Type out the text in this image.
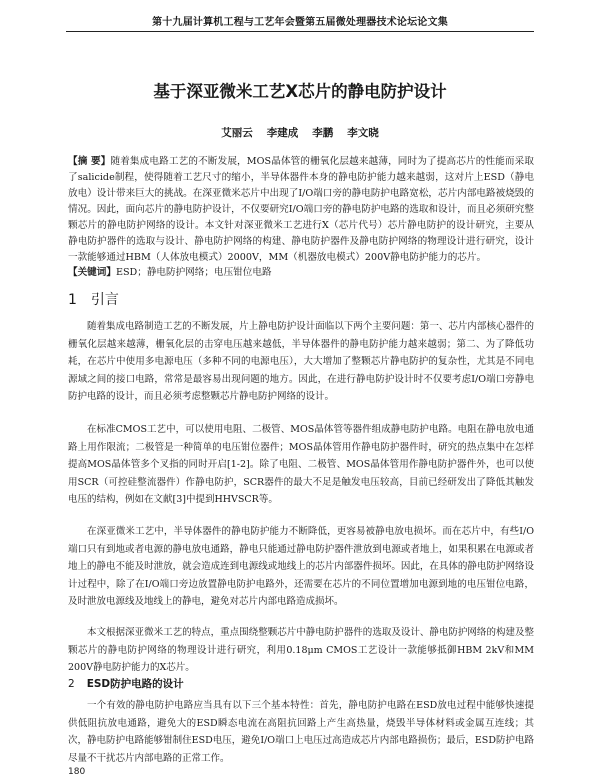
第十九届计算机工程与工艺年会暨第五届微处理器技术论坛论文集
基于深亚微米工艺X芯片的静电防护设计
艾丽云 李建成 李鹏 李文晓
【摘 要】随着集成电路工艺的不断发展，MOS晶体管的栅氧化层越来越薄，同时为了提高芯片的性能而采取了salicide制程，使得随着工艺尺寸的缩小，半导体器件本身的静电防护能力越来越弱，这对片上ESD（静电放电）设计带来巨大的挑战。在深亚微米芯片中出现了I/O端口旁的静电防护电路宽松，芯片内部电路被烧毁的情况。因此，面向芯片的静电防护设计，不仅要研究I/O端口旁的静电防护电路的选取和设计，而且必须研究整颗芯片的静电防护网络的设计。本文针对深亚微米工艺进行X（芯片代号）芯片静电防护的设计研究，主要从静电防护器件的选取与设计、静电防护网络的构建、静电防护器件及静电防护网络的物理设计进行研究，设计一款能够通过HBM（人体放电模式）2000V，MM（机器放电模式）200V静电防护能力的芯片。
【关键词】ESD；静电防护网络；电压钳位电路
1 引言

随着集成电路制造工艺的不断发展，片上静电防护设计面临以下两个主要问题：第一、芯片内部核心器件的栅氧化层越来越薄，栅氧化层的击穿电压越来越低，半导体器件的静电防护能力越来越弱；第二、为了降低功耗，在芯片中使用多电源电压（多种不同的电源电压），大大增加了整颗芯片静电防护的复杂性，尤其是不同电源域之间的接口电路，常常是最容易出现问题的地方。因此，在进行静电防护设计时不仅要考虑I/O端口旁静电防护电路的设计，而且必须考虑整颗芯片静电防护网络的设计。

在标准CMOS工艺中，可以使用电阻、二极管、MOS晶体管等器件组成静电防护电路。电阻在静电放电通路上用作限流；二极管是一种简单的电压钳位器件；MOS晶体管用作静电防护器件时，研究的热点集中在怎样提高MOS晶体管多个叉指的同时开启[1-2]。除了电阻、二极管、MOS晶体管用作静电防护器件外，也可以使用SCR（可控硅整流器件）作静电防护，SCR器件的最大不足是触发电压较高，目前已经研发出了降低其触发电压的结构，例如在文献[3]中提到HHVSCR等。

在深亚微米工艺中，半导体器件的静电防护能力不断降低，更容易被静电放电损坏。而在芯片中，有些I/O端口只有到地或者电源的静电放电通路，静电只能通过静电防护器件泄放到电源或者地上，如果积累在电源或者地上的静电不能及时泄放，就会造成连到电源线或地线上的芯片内部器件损坏。因此，在具体的静电防护网络设计过程中，除了在I/O端口旁边放置静电防护电路外，还需要在芯片的不同位置增加电源到地的电压钳位电路，及时泄放电源线及地线上的静电，避免对芯片内部电路造成损坏。

本文根据深亚微米工艺的特点，重点围绕整颗芯片中静电防护器件的选取及设计、静电防护网络的构建及整颗芯片的静电防护网络的物理设计进行研究，利用0.18μm CMOS工艺设计一款能够抵御HBM 2kV和MM 200V静电防护能力的X芯片。

2 ESD防护电路的设计

一个有效的静电防护电路应当具有以下三个基本特性：首先，静电防护电路在ESD放电过程中能够快速提供低阻抗放电通路，避免大的ESD瞬态电流在高阻抗回路上产生高热量，烧毁半导体材料或金属互连线；其次，静电防护电路能够钳制住ESD电压，避免I/O端口上电压过高造成芯片内部电路损伤；最后，ESD防护电路尽量不干扰芯片内部电路的正常工作。

180
